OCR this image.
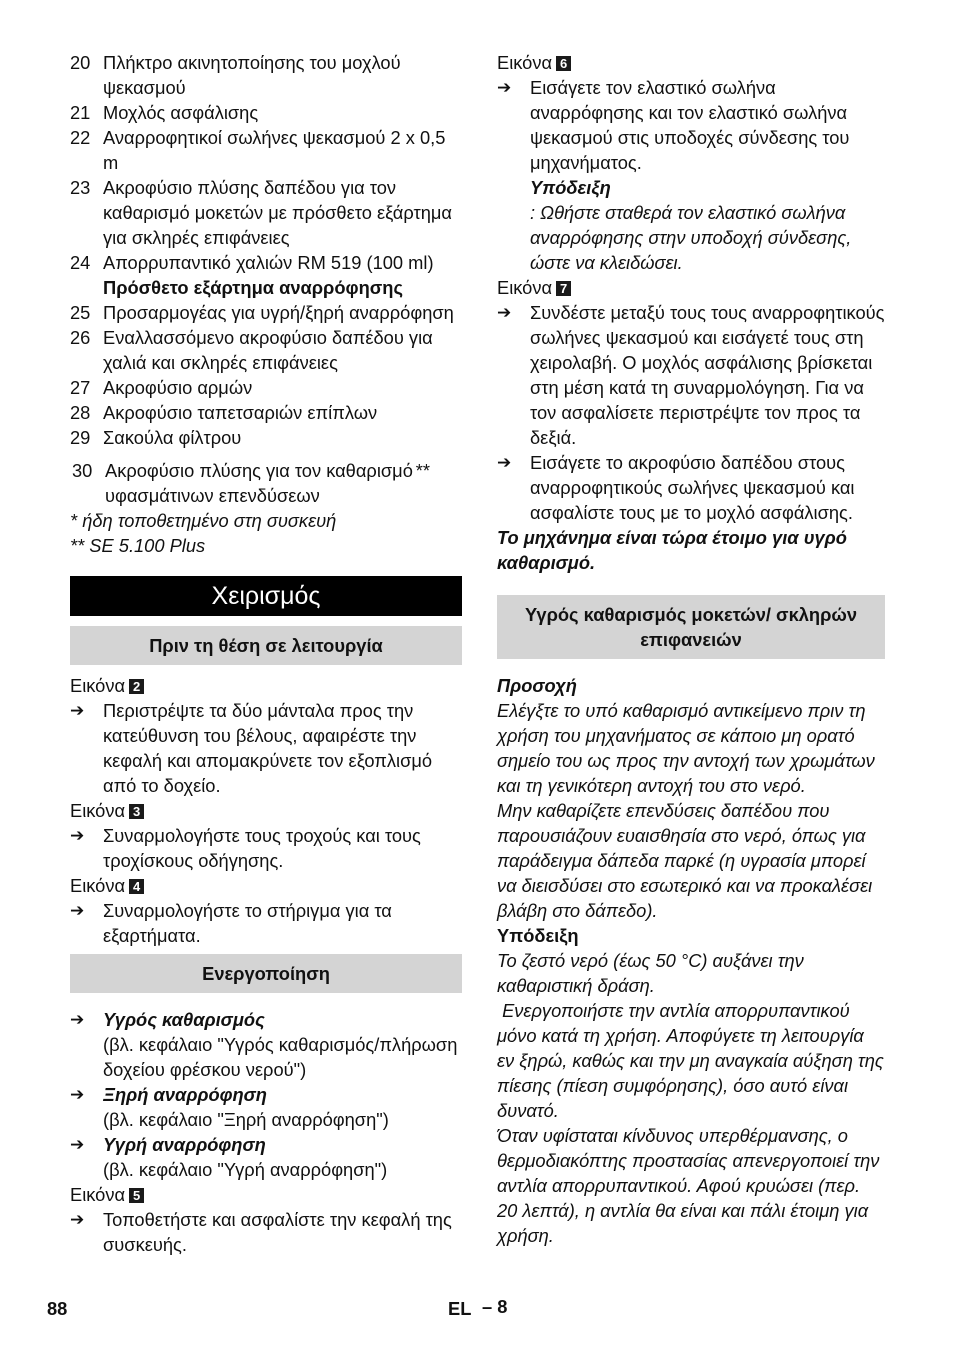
20 Πλήκτρο ακινητοποίησης του μοχλού ψεκασμού
21 Μοχλός ασφάλισης
22 Αναρροφητικοί σωλήνες ψεκασμού 2 x 0,5 m
23 Ακροφύσιο πλύσης δαπέδου για τον καθαρισμό μοκετών με πρόσθετο εξάρτημα για σκληρές επιφάνειες
24 Απορρυπαντικό χαλιών RM 519 (100 ml)
Πρόσθετο εξάρτημα αναρρόφησης
25 Προσαρμογέας για υγρή/ξηρή αναρρόφηση
26 Εναλλασσόμενο ακροφύσιο δαπέδου για χαλιά και σκληρές επιφάνειες
27 Ακροφύσιο αρμών
28 Ακροφύσιο ταπετσαριών επίπλων
29 Σακούλα φίλτρου
30 Ακροφύσιο πλύσης για τον καθαρισμό υφασμάτινων επενδύσεων
**
* ήδη τοποθετημένο στη συσκευή
** SE 5.100 Plus
Χειρισμός
Πριν τη θέση σε λειτουργία
Εικόνα 2
➔	Περιστρέψτε τα δύο μάνταλα προς την κατεύθυνση του βέλους, αφαιρέστε την κεφαλή και απομακρύνετε τον εξοπλισμό από το δοχείο.
Εικόνα 3
➔	Συναρμολογήστε τους τροχούς και τους τροχίσκους οδήγησης.
Εικόνα 4
➔	Συναρμολογήστε το στήριγμα για τα εξαρτήματα.
Ενεργοποίηση
➔	Υγρός καθαρισμός
(βλ. κεφάλαιο "Υγρός καθαρισμός/πλήρωση δοχείου φρέσκου νερού")
➔	Ξηρή αναρρόφηση
(βλ. κεφάλαιο "Ξηρή αναρρόφηση")
➔	Υγρή αναρρόφηση
(βλ. κεφάλαιο "Υγρή αναρρόφηση")
Εικόνα 5
➔	Τοποθετήστε και ασφαλίστε την κεφαλή της συσκευής.
Εικόνα 6
➔	Εισάγετε τον ελαστικό σωλήνα αναρρόφησης και τον ελαστικό σωλήνα ψεκασμού στις υποδοχές σύνδεσης του μηχανήματος.
Υπόδειξη
: Ωθήστε σταθερά τον ελαστικό σωλήνα αναρρόφησης στην υποδοχή σύνδεσης, ώστε να κλειδώσει.
Εικόνα 7
➔	Συνδέστε μεταξύ τους τους αναρροφητικούς σωλήνες ψεκασμού και εισάγετέ τους στη χειρολαβή. Ο μοχλός ασφάλισης βρίσκεται στη μέση κατά τη συναρμολόγηση. Για να τον ασφαλίσετε περιστρέψτε τον προς τα δεξιά.
➔	Εισάγετε το ακροφύσιο δαπέδου στους αναρροφητικούς σωλήνες ψεκασμού και ασφαλίστε τους με το μοχλό ασφάλισης.
Το μηχάνημα είναι τώρα έτοιμο για υγρό καθαρισμό.
Υγρός καθαρισμός μοκετών/ σκληρών επιφανειών
Προσοχή
Ελέγξτε το υπό καθαρισμό αντικείμενο πριν τη χρήση του μηχανήματος σε κάποιο μη ορατό σημείο του ως προς την αντοχή των χρωμάτων και τη γενικότερη αντοχή του στο νερό.
Μην καθαρίζετε επενδύσεις δαπέδου που παρουσιάζουν ευαισθησία στο νερό, όπως για παράδειγμα δάπεδα παρκέ (η υγρασία μπορεί να διεισδύσει στο εσωτερικό και να προκαλέσει βλάβη στο δάπεδο).
Υπόδειξη
Το ζεστό νερό (έως 50 °C) αυξάνει την καθαριστική δράση.
Ενεργοποιήστε την αντλία απορρυπαντικού μόνο κατά τη χρήση. Αποφύγετε τη λειτουργία εν ξηρώ, καθώς και την μη αναγκαία αύξηση της πίεσης (πίεση συμφόρησης), όσο αυτό είναι δυνατό.
Όταν υφίσταται κίνδυνος υπερθέρμανσης, ο θερμοδιακόπτης προστασίας απενεργοποιεί την αντλία απορρυπαντικού. Αφού κρυώσει (περ. 20 λεπτά), η αντλία θα είναι και πάλι έτοιμη για χρήση.
88	EL – 8
